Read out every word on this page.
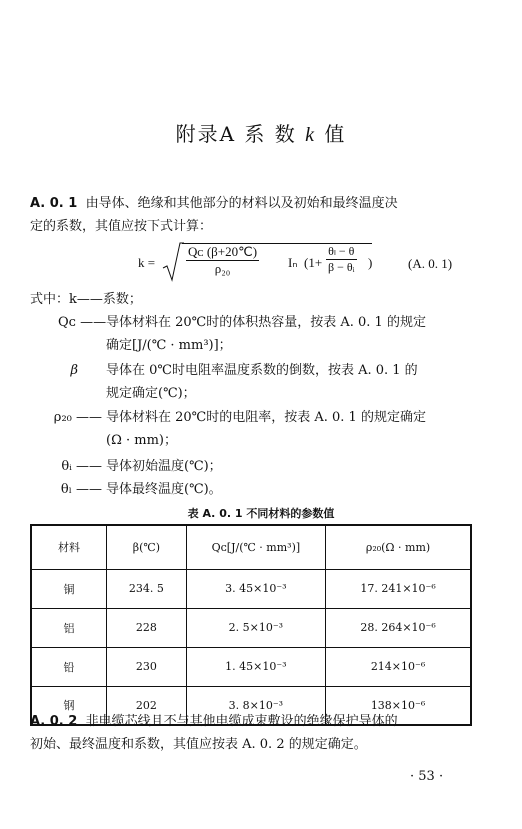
附录A 系 数 k 值
A. 0. 1 由导体、绝缘和其他部分的材料以及初始和最终温度决
定的系数，其值应按下式计算：
$k = \frac{\text{Qᴄ (β+20℃)}}{\text{ρ₂₀}}$ Iₙ ($1+ \frac{\text{θₗ − θ}}{\text{β − θᵢ}}$ )	(A. 0. 1)
式中：k——系数；
Qᴄ —— 导体材料在 20℃时的体积热容量，按表 A. 0. 1 的规定
确定[J/(℃ · mm³)]；
β 导体在 0℃时电阻率温度系数的倒数，按表 A. 0. 1 的
规定确定(℃)；
ρ₂₀ —— 导体材料在 20℃时的电阻率，按表 A. 0. 1 的规定确定
(Ω · mm)；
θᵢ —— 导体初始温度(℃)；
θₗ —— 导体最终温度(℃)。
表 A. 0. 1 不同材料的参数值
材料	β(℃)	Qᴄ[J/(℃ · mm³)]	ρ₂₀(Ω · mm)
铜	234. 5	3. 45×10⁻³	17. 241×10⁻⁶
铝	228	2. 5×10⁻³	28. 264×10⁻⁶
铅	230	1. 45×10⁻³	214×10⁻⁶
钢	202	3. 8×10⁻³	138×10⁻⁶
A. 0. 2 非电缆芯线且不与其他电缆成束敷设的绝缘保护导体的
初始、最终温度和系数，其值应按表 A. 0. 2 的规定确定。
· 53 ·
